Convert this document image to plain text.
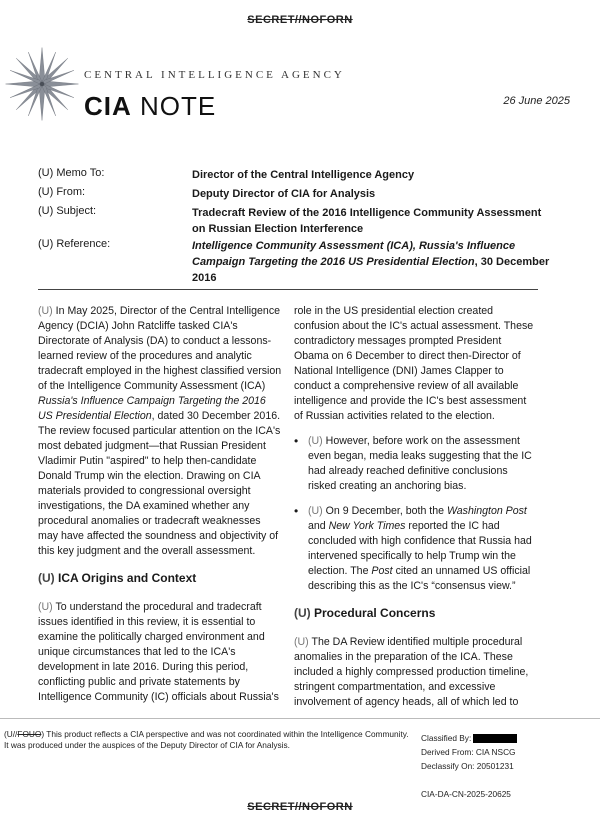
SECRET//NOFORN
CENTRAL INTELLIGENCE AGENCY
CIA NOTE	26 June 2025
(U) Memo To:	Director of the Central Intelligence Agency
(U) From:	Deputy Director of CIA for Analysis
(U) Subject:	Tradecraft Review of the 2016 Intelligence Community Assessment on Russian Election Interference
(U) Reference:	Intelligence Community Assessment (ICA), Russia's Influence Campaign Targeting the 2016 US Presidential Election, 30 December 2016

(U) In May 2025, Director of the Central Intelligence Agency (DCIA) John Ratcliffe tasked CIA's Directorate of Analysis (DA) to conduct a lessons-learned review of the procedures and analytic tradecraft employed in the highest classified version of the Intelligence Community Assessment (ICA) Russia's Influence Campaign Targeting the 2016 US Presidential Election, dated 30 December 2016. The review focused particular attention on the ICA's most debated judgment—that Russian President Vladimir Putin "aspired" to help then-candidate Donald Trump win the election. Drawing on CIA materials provided to congressional oversight investigations, the DA examined whether any procedural anomalies or tradecraft weaknesses may have affected the soundness and objectivity of this key judgment and the overall assessment.

(U) ICA Origins and Context

(U) To understand the procedural and tradecraft issues identified in this review, it is essential to examine the politically charged environment and unique circumstances that led to the ICA's development in late 2016. During this period, conflicting public and private statements by Intelligence Community (IC) officials about Russia's

role in the US presidential election created confusion about the IC's actual assessment. These contradictory messages prompted President Obama on 6 December to direct then-Director of National Intelligence (DNI) James Clapper to conduct a comprehensive review of all available intelligence and provide the IC's best assessment of Russian activities related to the election.

• (U) However, before work on the assessment even began, media leaks suggesting that the IC had already reached definitive conclusions risked creating an anchoring bias.
• (U) On 9 December, both the Washington Post and New York Times reported the IC had concluded with high confidence that Russia had intervened specifically to help Trump win the election. The Post cited an unnamed US official describing this as the IC's “consensus view.”
(U) Procedural Concerns

(U) The DA Review identified multiple procedural anomalies in the preparation of the ICA. These included a highly compressed production timeline, stringent compartmentation, and excessive involvement of agency heads, all of which led to

(U//FOUO) This product reflects a CIA perspective and was not coordinated within the Intelligence Community. It was produced under the auspices of the Deputy Director of CIA for Analysis.
Classified By:
Derived From: CIA NSCG
Declassify On: 20501231
CIA-DA-CN-2025-20625
SECRET//NOFORN
